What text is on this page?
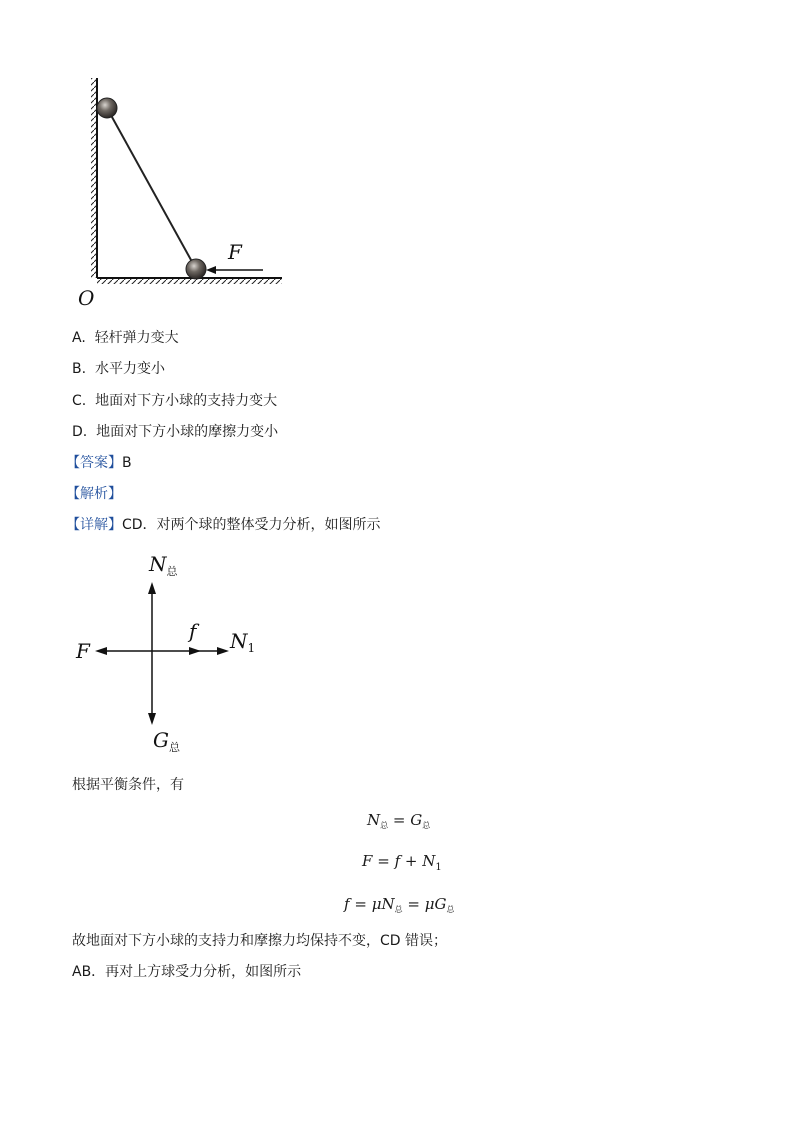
F
O
A. 轻杆弹力变大
B. 水平力变小
C. 地面对下方小球的支持力变大
D. 地面对下方小球的摩擦力变小
【答案】B
【解析】
【详解】CD．对两个球的整体受力分析，如图所示
$N_总$
$G_总$
F
f $N_1$
根据平衡条件，有
$N_总 = G_总$
$F = f + N_1$
$f = \mu N_总 = \mu G_总$
故地面对下方小球的支持力和摩擦力均保持不变，CD 错误；
AB．再对上方球受力分析，如图所示
